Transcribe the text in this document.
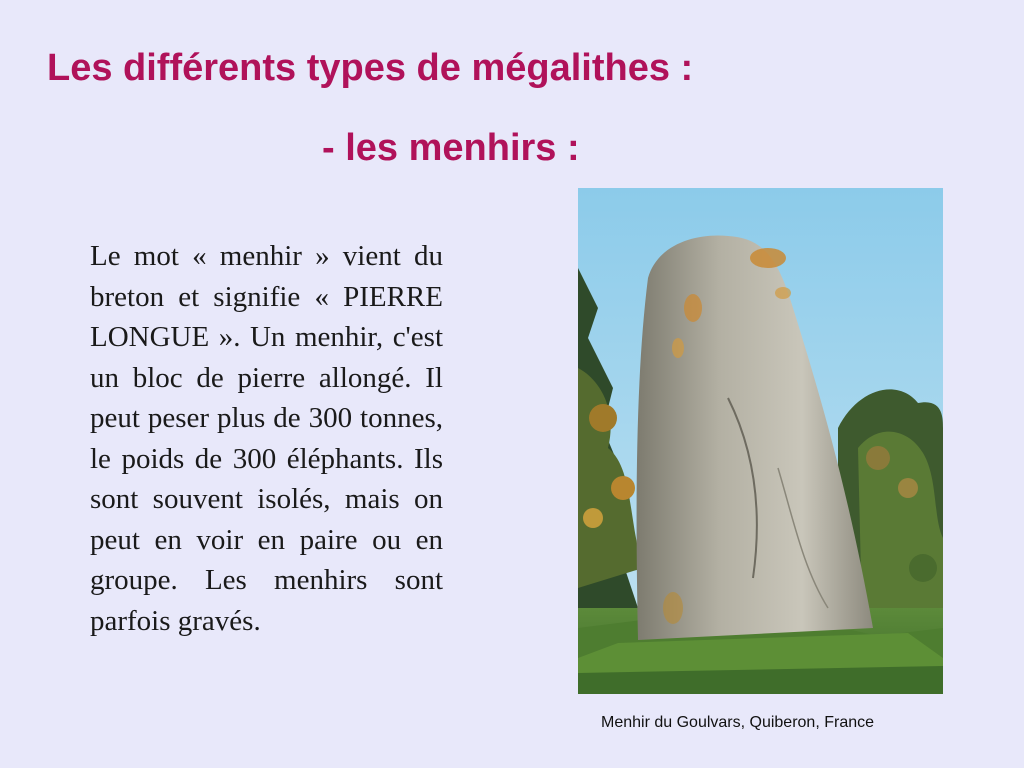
Les différents types de mégalithes :
- les menhirs :

Le mot « menhir » vient du breton et signifie « PIERRE LONGUE ». Un menhir, c'est un bloc de pierre allongé. Il peut peser plus de 300 tonnes, le poids de 300 éléphants. Ils sont souvent isolés, mais on peut en voir en paire ou en groupe. Les menhirs sont parfois gravés.

Menhir du Goulvars, Quiberon, France
